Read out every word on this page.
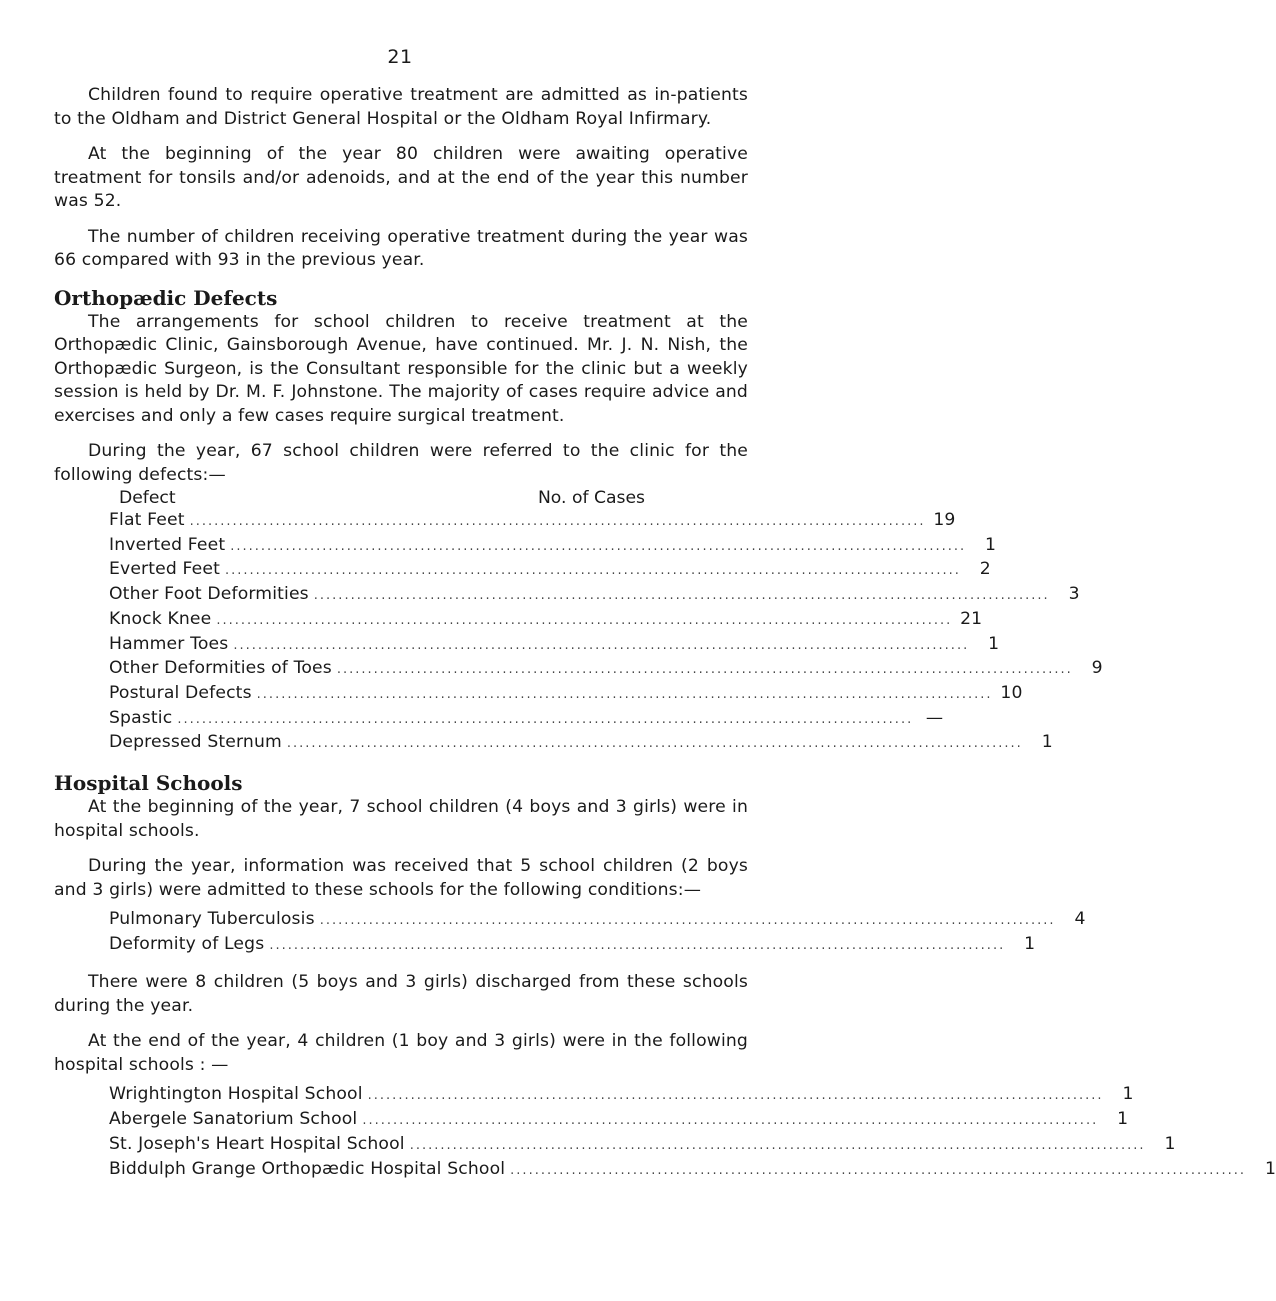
21

Children found to require operative treatment are admitted as in-patients to the Oldham and District General Hospital or the Oldham Royal Infirmary.

At the beginning of the year 80 children were awaiting operative treatment for tonsils and/or adenoids, and at the end of the year this number was 52.

The number of children receiving operative treatment during the year was 66 compared with 93 in the previous year.

Orthopædic Defects

The arrangements for school children to receive treatment at the Orthopædic Clinic, Gainsborough Avenue, have continued. Mr. J. N. Nish, the Orthopædic Surgeon, is the Consultant responsible for the clinic but a weekly session is held by Dr. M. F. Johnstone. The majority of cases require advice and exercises and only a few cases require surgical treatment.

During the year, 67 school children were referred to the clinic for the following defects:—

Defect	No. of Cases
Flat Feet ........................................................................................................................ 19
Inverted Feet ........................................................................................................................	1
Everted Feet ........................................................................................................................	2
Other Foot Deformities ........................................................................................................................	3
Knock Knee ........................................................................................................................ 21
Hammer Toes ........................................................................................................................	1
Other Deformities of Toes ........................................................................................................................	9
Postural Defects ........................................................................................................................ 10
Spastic ........................................................................................................................ —
Depressed Sternum ........................................................................................................................	1
Hospital Schools

At the beginning of the year, 7 school children (4 boys and 3 girls) were in hospital schools.

During the year, information was received that 5 school children (2 boys and 3 girls) were admitted to these schools for the following conditions:—

Pulmonary Tuberculosis ........................................................................................................................	4
Deformity of Legs ........................................................................................................................	1

There were 8 children (5 boys and 3 girls) discharged from these schools during the year.

At the end of the year, 4 children (1 boy and 3 girls) were in the following hospital schools : —

Wrightington Hospital School ........................................................................................................................	1
Abergele Sanatorium School ........................................................................................................................	1
St. Joseph's Heart Hospital School ........................................................................................................................	1
Biddulph Grange Orthopædic Hospital School ........................................................................................................................	1
